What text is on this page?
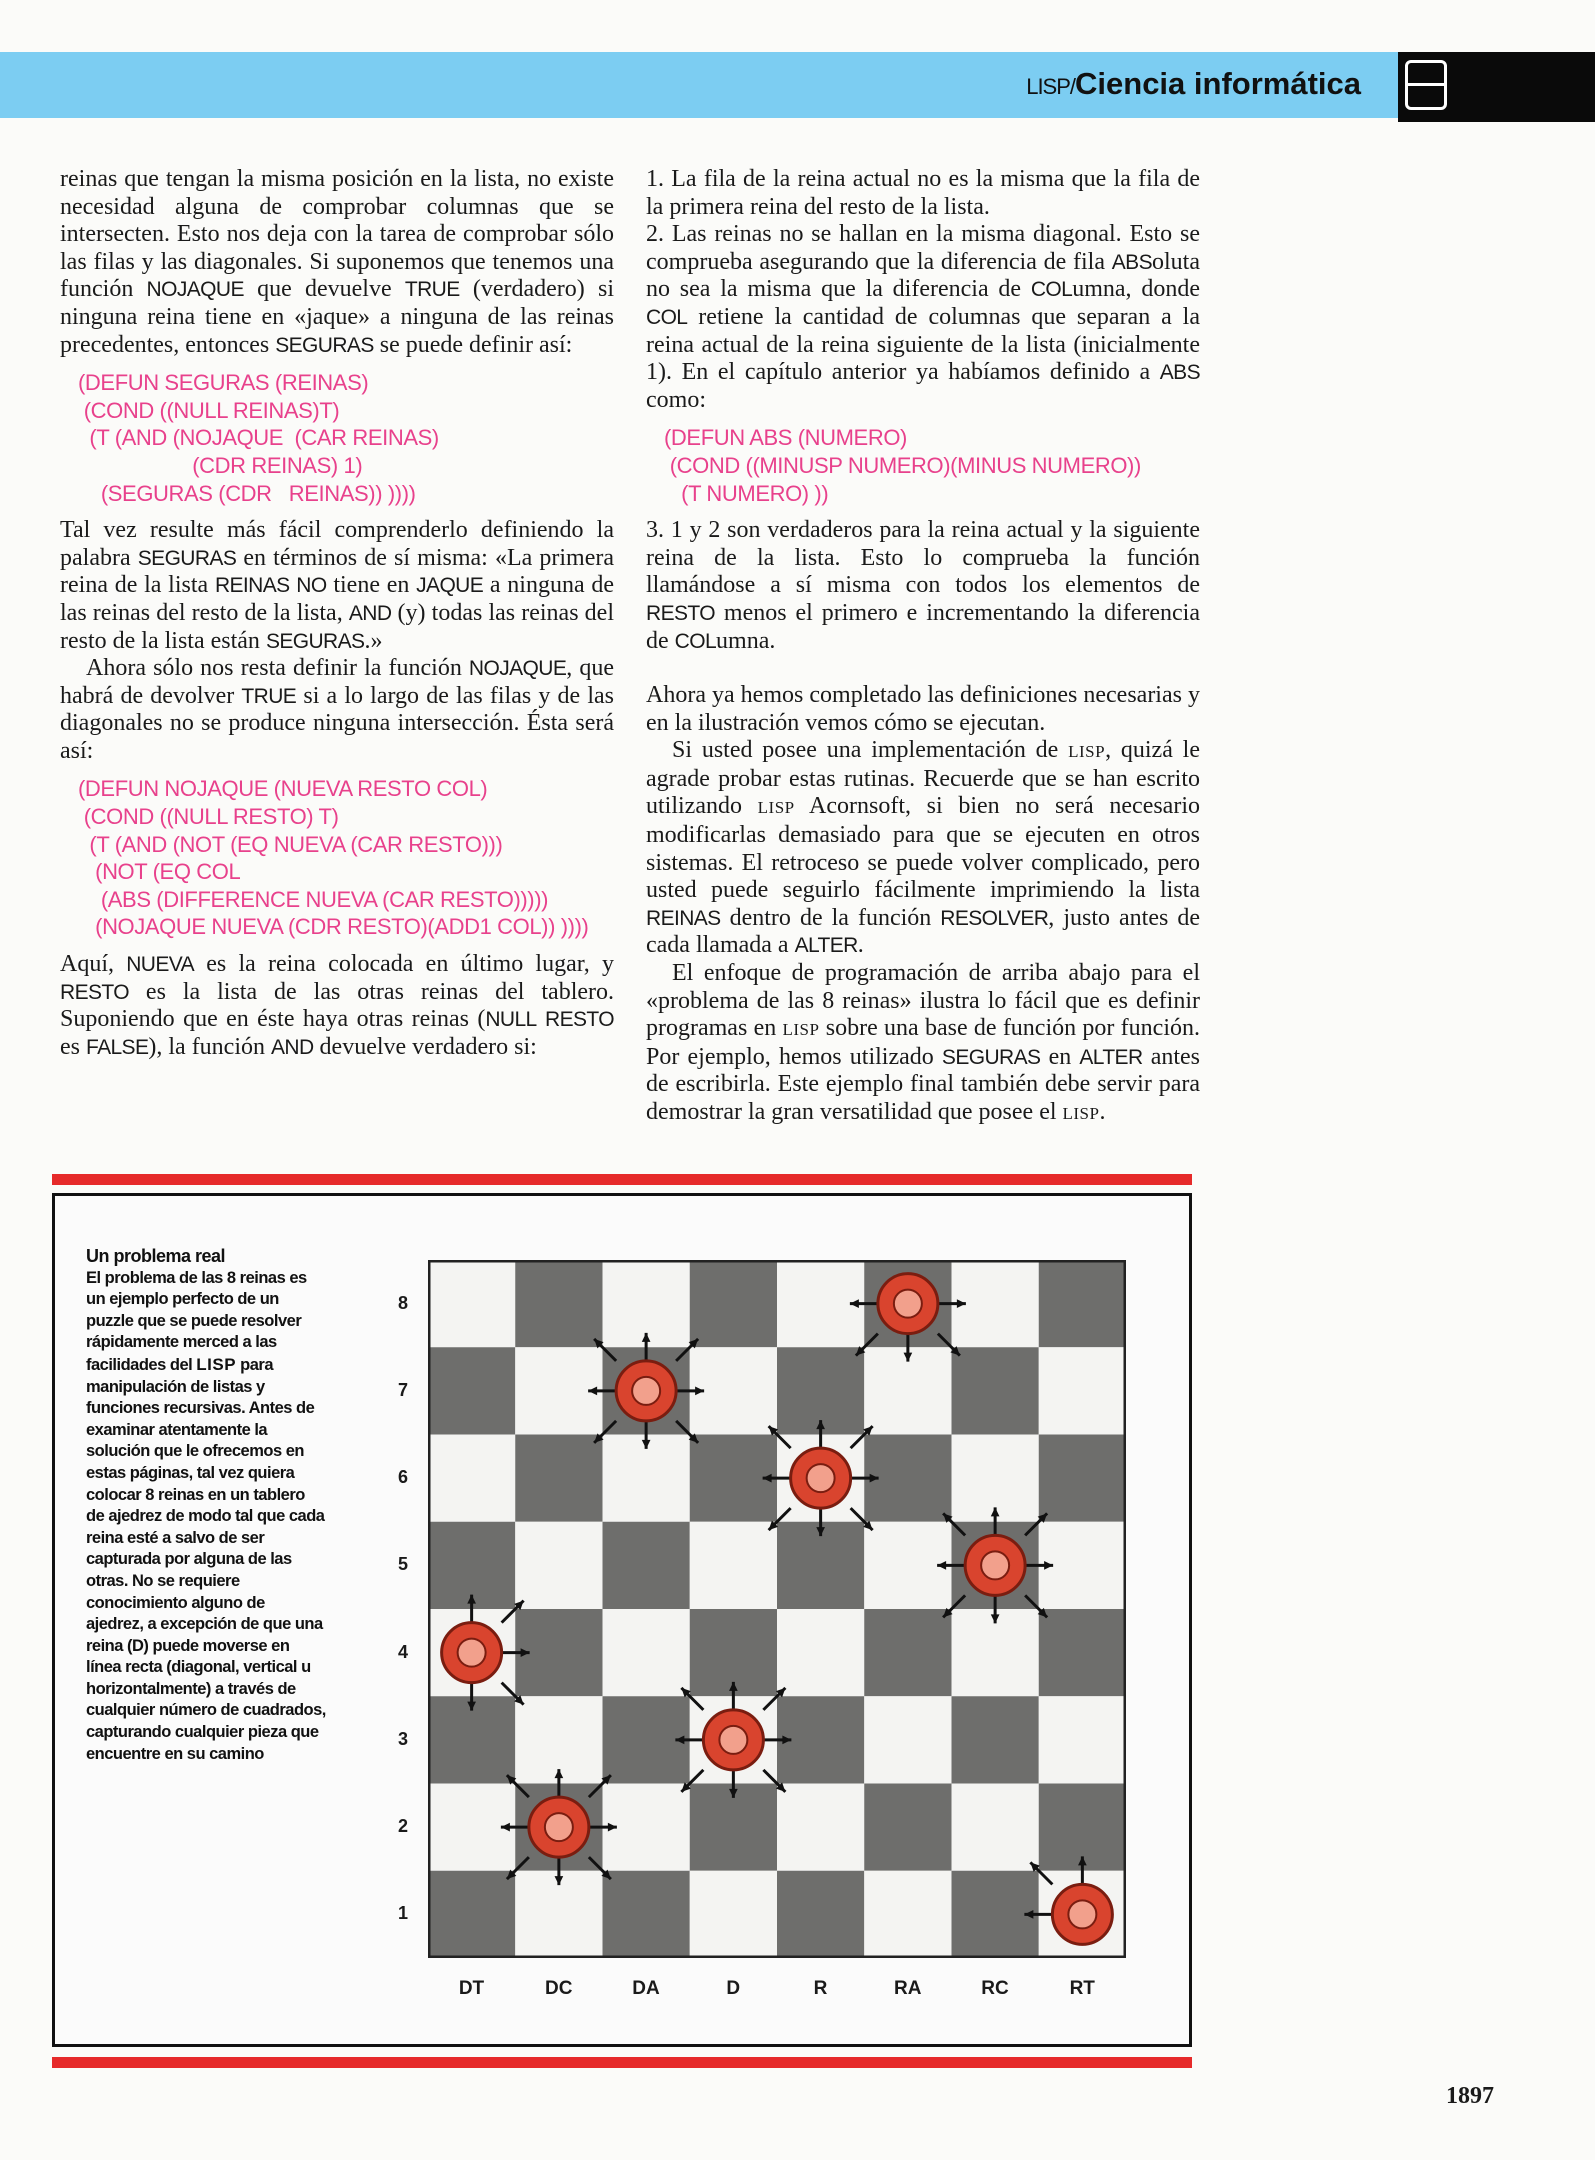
LISP/Ciencia informática

reinas que tengan la misma posición en la lista, no existe necesidad alguna de comprobar columnas que se intersecten. Esto nos deja con la tarea de comprobar sólo las filas y las diagonales. Si suponemos que tenemos una función NOJAQUE que devuelve TRUE (verdadero) si ninguna reina tiene en «jaque» a ninguna de las reinas precedentes, entonces SEGURAS se puede definir así:

(DEFUN SEGURAS (REINAS)
(COND ((NULL REINAS)T)
(T (AND (NOJAQUE  (CAR REINAS)
(CDR REINAS) 1)
(SEGURAS (CDR   REINAS)) ))))

Tal vez resulte más fácil comprenderlo definiendo la palabra SEGURAS en términos de sí misma: «La primera reina de la lista REINAS NO tiene en JAQUE a ninguna de las reinas del resto de la lista, AND (y) todas las reinas del resto de la lista están SEGURAS.»

Ahora sólo nos resta definir la función NOJAQUE, que habrá de devolver TRUE si a lo largo de las filas y de las diagonales no se produce ninguna intersección. Ésta será así:

(DEFUN NOJAQUE (NUEVA RESTO COL)
(COND ((NULL RESTO) T)
(T (AND (NOT (EQ NUEVA (CAR RESTO)))
(NOT (EQ COL
(ABS (DIFFERENCE NUEVA (CAR RESTO)))))
(NOJAQUE NUEVA (CDR RESTO)(ADD1 COL)) ))))

Aquí, NUEVA es la reina colocada en último lugar, y RESTO es la lista de las otras reinas del tablero. Suponiendo que en éste haya otras reinas (NULL RESTO es FALSE), la función AND devuelve verdadero si:

1. La fila de la reina actual no es la misma que la fila de la primera reina del resto de la lista.

2. Las reinas no se hallan en la misma diagonal. Esto se comprueba asegurando que la diferencia de fila ABSoluta no sea la misma que la diferencia de COLumna, donde COL retiene la cantidad de columnas que separan a la reina actual de la reina siguiente de la lista (inicialmente 1). En el capítulo anterior ya habíamos definido a ABS como:

(DEFUN ABS (NUMERO)
(COND ((MINUSP NUMERO)(MINUS NUMERO))
(T NUMERO) ))

3. 1 y 2 son verdaderos para la reina actual y la siguiente reina de la lista. Esto lo comprueba la función llamándose a sí misma con todos los elementos de RESTO menos el primero e incrementando la diferencia de COLumna.

Ahora ya hemos completado las definiciones necesarias y en la ilustración vemos cómo se ejecutan.

Si usted posee una implementación de LISP, quizá le agrade probar estas rutinas. Recuerde que se han escrito utilizando LISP Acornsoft, si bien no será necesario modificarlas demasiado para que se ejecuten en otros sistemas. El retroceso se puede volver complicado, pero usted puede seguirlo fácilmente imprimiendo la lista REINAS dentro de la función RESOLVER, justo antes de cada llamada a ALTER.

El enfoque de programación de arriba abajo para el «problema de las 8 reinas» ilustra lo fácil que es definir programas en LISP sobre una base de función por función. Por ejemplo, hemos utilizado SEGURAS en ALTER antes de escribirla. Este ejemplo final también debe servir para demostrar la gran versatilidad que posee el LISP.

Un problema real
El problema de las 8 reinas es un ejemplo perfecto de un puzzle que se puede resolver rápidamente merced a las facilidades del LISP para manipulación de listas y funciones recursivas. Antes de examinar atentamente la solución que le ofrecemos en estas páginas, tal vez quiera colocar 8 reinas en un tablero de ajedrez de modo tal que cada reina esté a salvo de ser capturada por alguna de las otras. No se requiere conocimiento alguno de ajedrez, a excepción de que una reina (D) puede moverse en línea recta (diagonal, vertical u horizontalmente) a través de cualquier número de cuadrados, capturando cualquier pieza que encuentre en su camino
8
7
6
5
4
3
2
1
DT	DC	DA	D	R	RA	RC	RT
1897
